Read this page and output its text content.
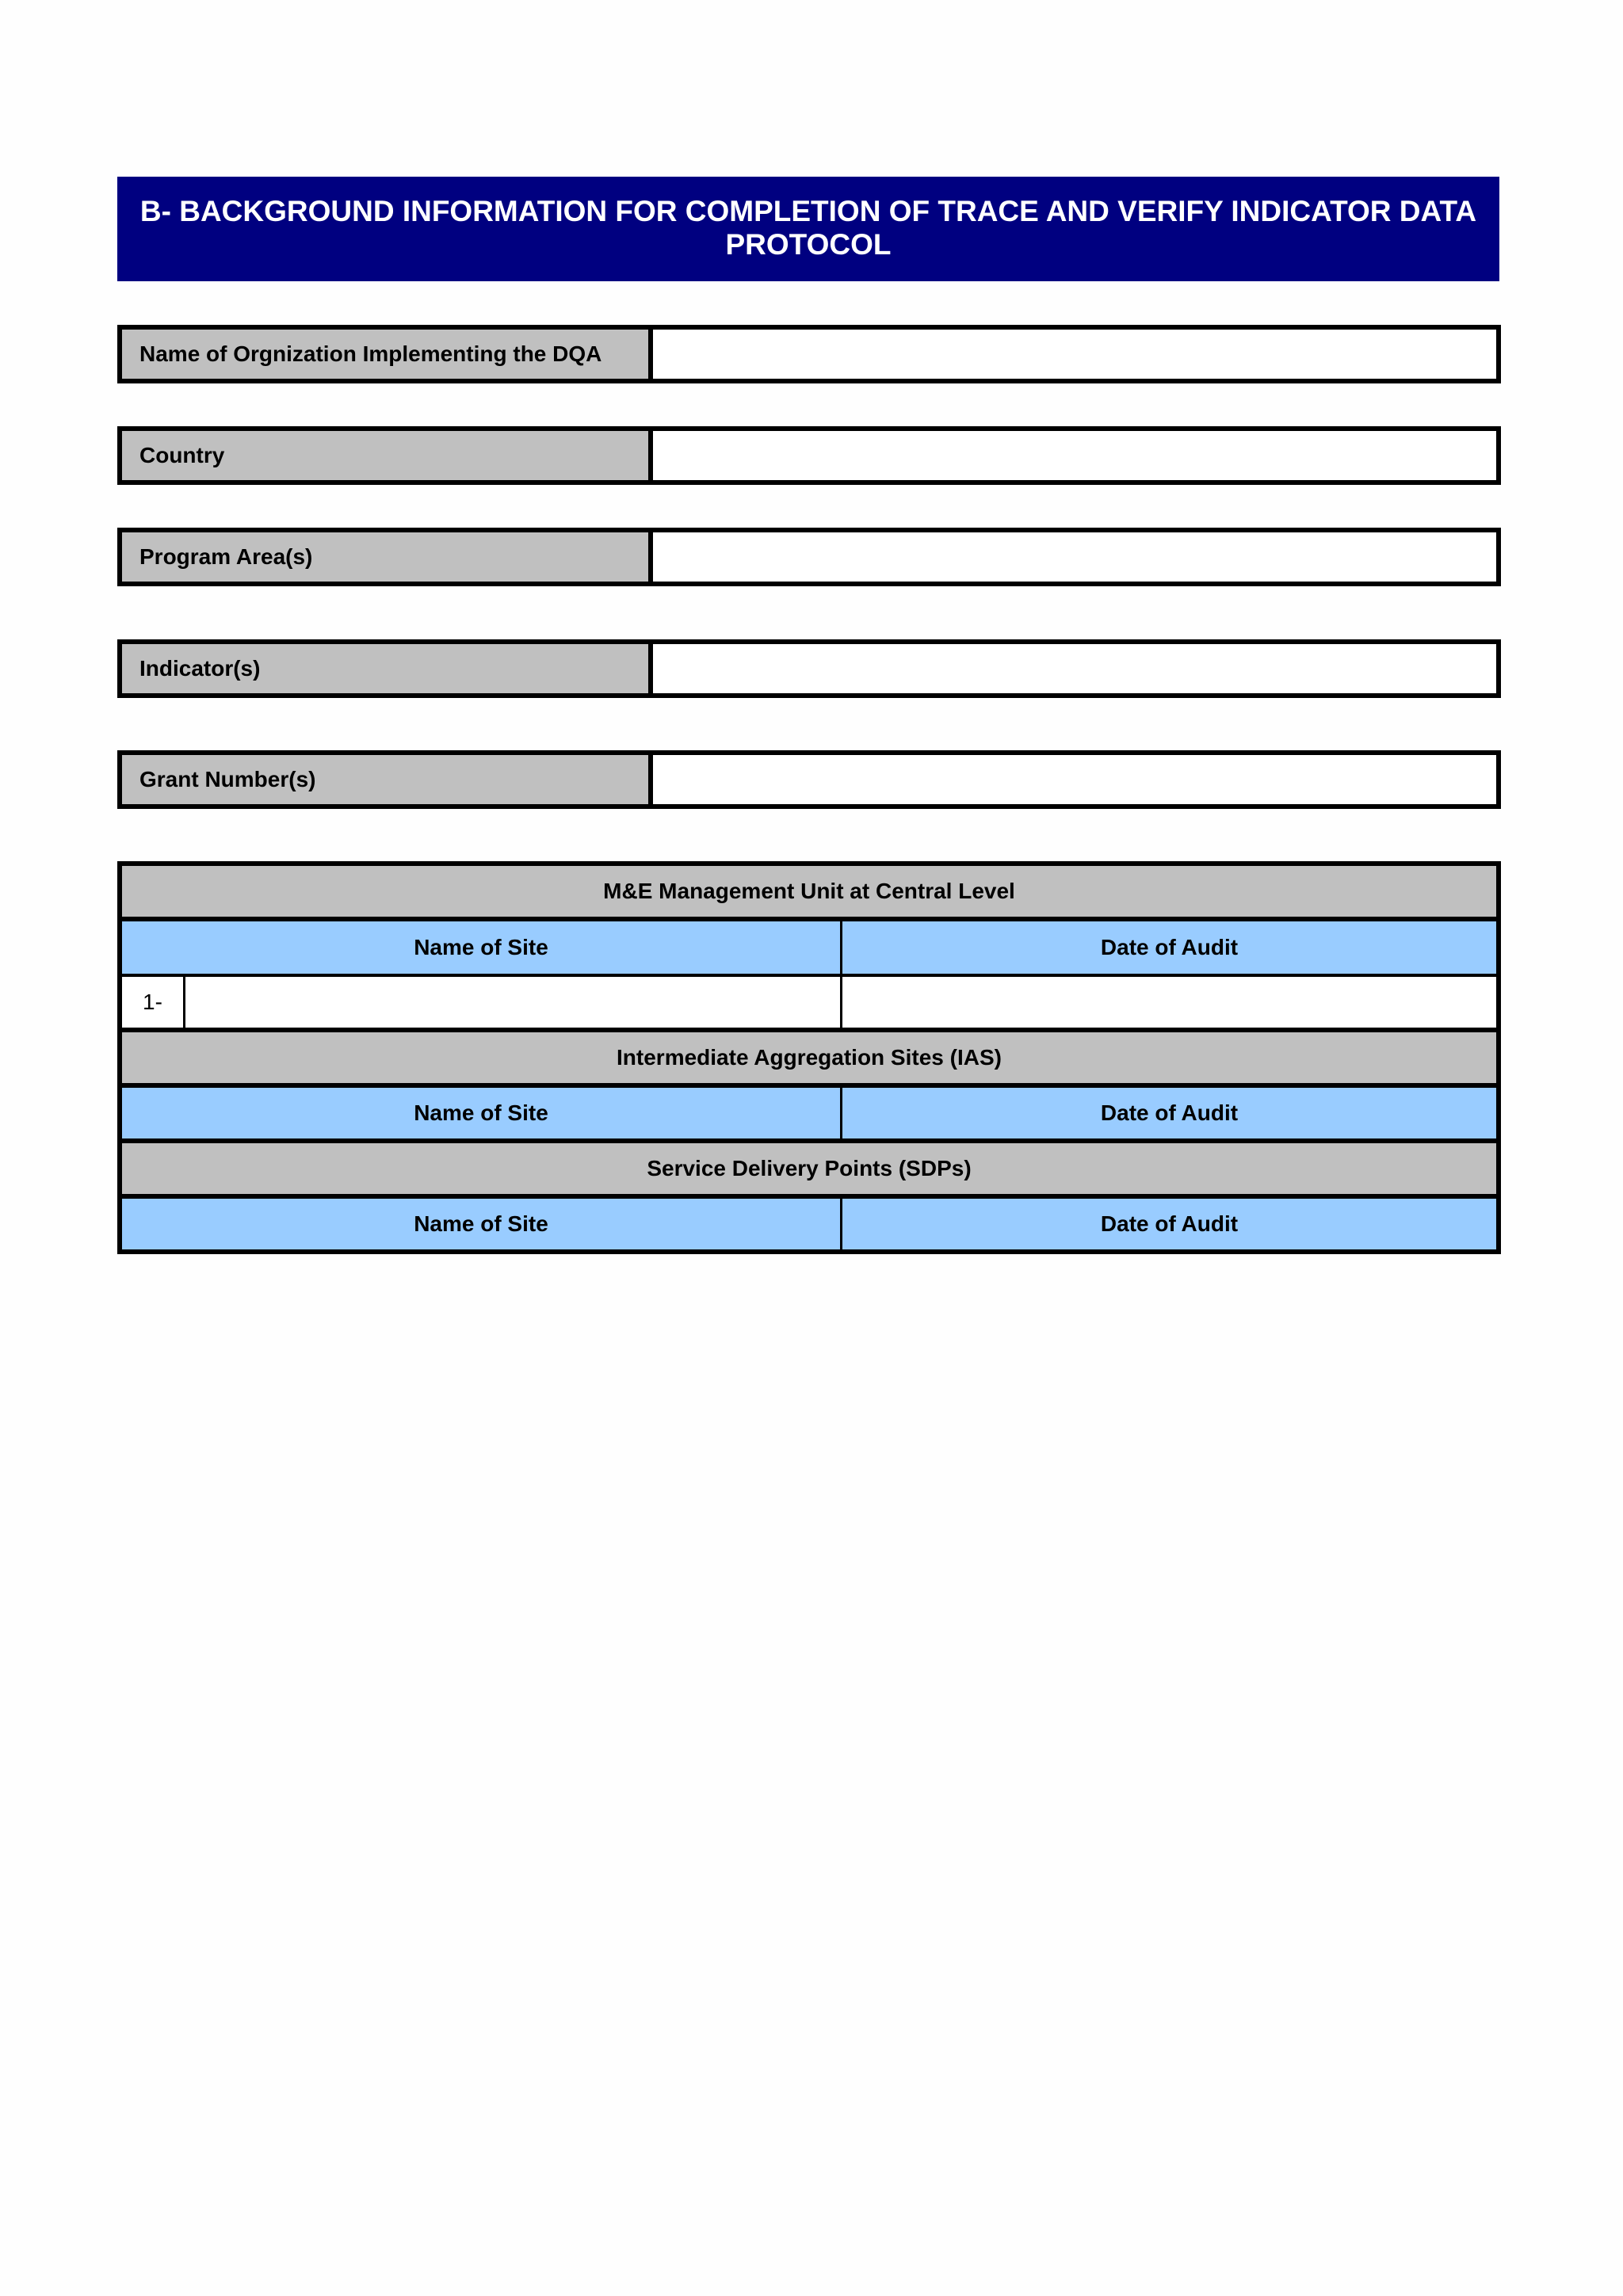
B- BACKGROUND INFORMATION FOR COMPLETION OF TRACE AND VERIFY INDICATOR DATA
PROTOCOL
Name of Orgnization Implementing the DQA
Country
Program Area(s)
Indicator(s)
Grant Number(s)
M&E Management Unit at Central Level
Name of Site	Date of Audit
1-
Intermediate Aggregation Sites (IAS)
Name of Site	Date of Audit
Service Delivery Points (SDPs)
Name of Site	Date of Audit
